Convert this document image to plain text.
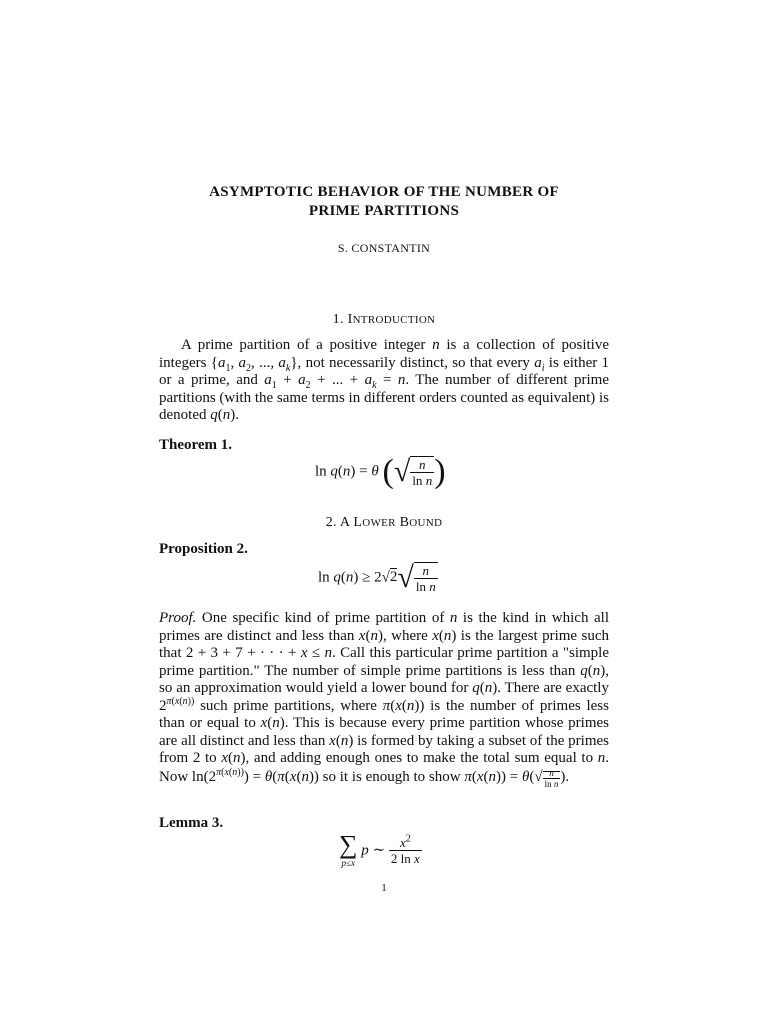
ASYMPTOTIC BEHAVIOR OF THE NUMBER OF
PRIME PARTITIONS
S. CONSTANTIN
1. INTRODUCTION
A prime partition of a positive integer n is a collection of positive integers {$a_1$, $a_2$, ..., $a_k$}, not necessarily distinct, so that every $a_i$ is either 1 or a prime, and $a_1 + a_2$ + ... + $a_k = n$. The number of different prime partitions (with the same terms in different orders counted as equivalent) is denoted q(n).
Theorem 1.
ln q(n) = θ (√ $\frac{n}{\text{ln n}}$ )
2. A LOWER BOUND
Proposition 2.
$\ln q(n) \ge 2√2√ \frac{n}{\text{ln n}}$
Proof. One specific kind of prime partition of n is the kind in which all primes are distinct and less than x(n), where x(n) is the largest prime such that 2 + 3 + 7 + · · · + x ≤ n. Call this particular prime partition a "simple prime partition." The number of simple prime partitions is less than q(n), so an approximation would yield a lower bound for q(n). There are exactly $2^{\pi(x(n))}$ such prime partitions, where π(x(n)) is the number of primes less than or equal to x(n). This is because every prime partition whose primes are all distinct and less than x(n) is formed by taking a subset of the primes from 2 to x(n), and adding enough ones to make the total sum equal to n. Now $\ln(2^{\pi(x(n))}) = \theta(\pi(x(n))$ so it is enough to show $\pi(x(n)) = \theta(√ \frac{n}{\text{ln n}}$ ).
Lemma 3.
∑
p≤x
p ∼ $\frac{x^2}{\text{2 ln x}}$
1
